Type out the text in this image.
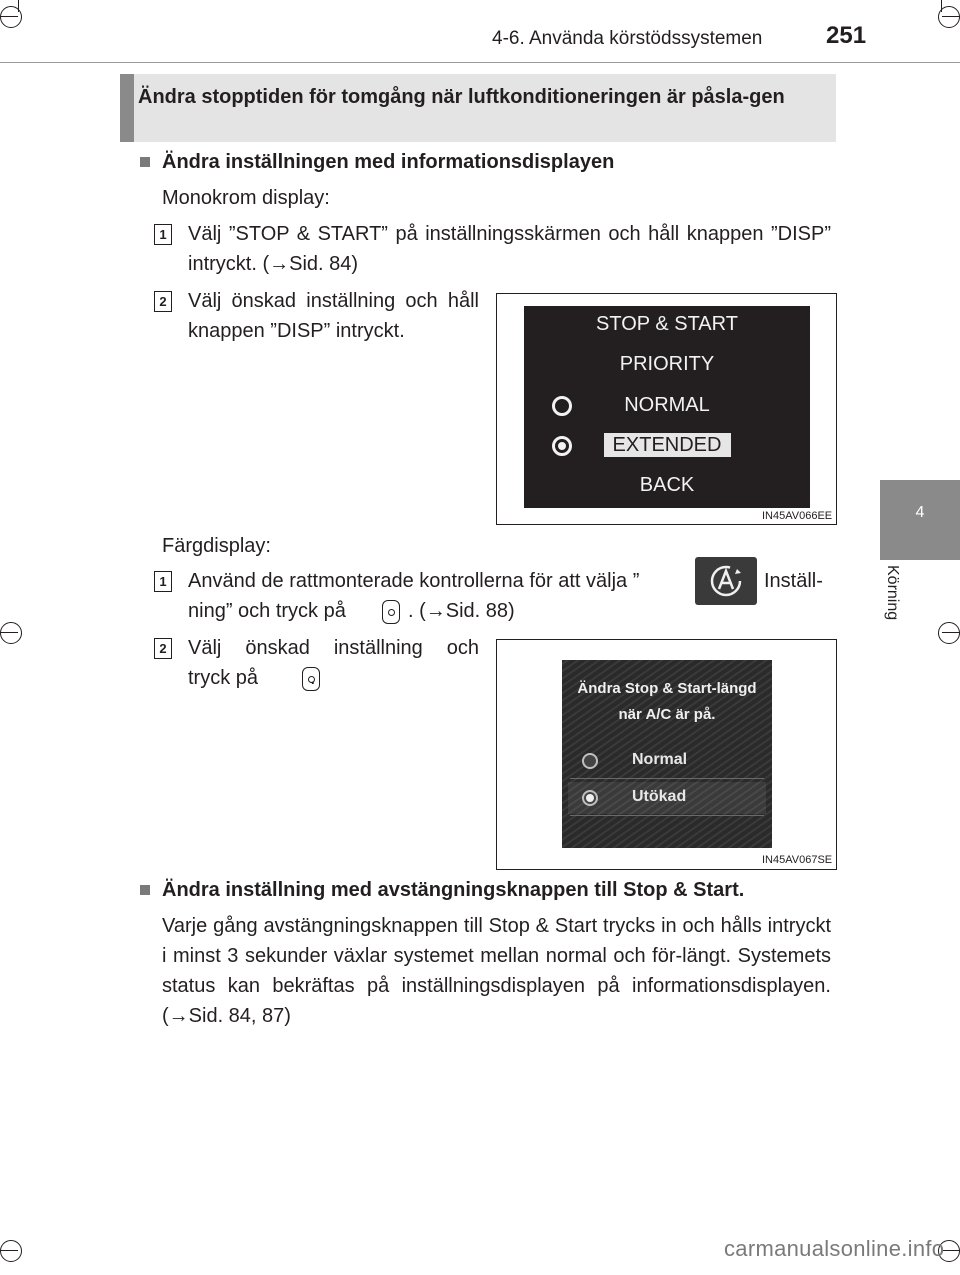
4-6. Använda körstödssystemen	251
4
Körning
Ändra stopptiden för tomgång när luftkonditioneringen är påsla-gen
Ändra inställningen med informationsdisplayen
Monokrom display:
1 Välj ”STOP & START” på inställningsskärmen och håll knappen ”DISP” intryckt. (→Sid. 84)
2 Välj önskad inställning och håll knappen ”DISP” intryckt.	STOP & START
PRIORITY
NORMAL
EXTENDED
BACK
IN45AV066EE
Färgdisplay:
1 Använd de rattmonterade kontrollerna för att välja ”	Inställ-
ning” och tryck på
	. (→Sid. 88)
2 Välj önskad inställning och
tryck på	.	Ändra Stop & Start-längd
när A/C är på.
Normal
Utökad
IN45AV067SE
Ändra inställning med avstängningsknappen till Stop & Start.
Varje gång avstängningsknappen till Stop & Start trycks in och hålls intryckt i minst 3 sekunder växlar systemet mellan normal och för-längt. Systemets status kan bekräftas på inställningsdisplayen på informationsdisplayen. (→Sid. 84, 87)
carmanualsonline.info
